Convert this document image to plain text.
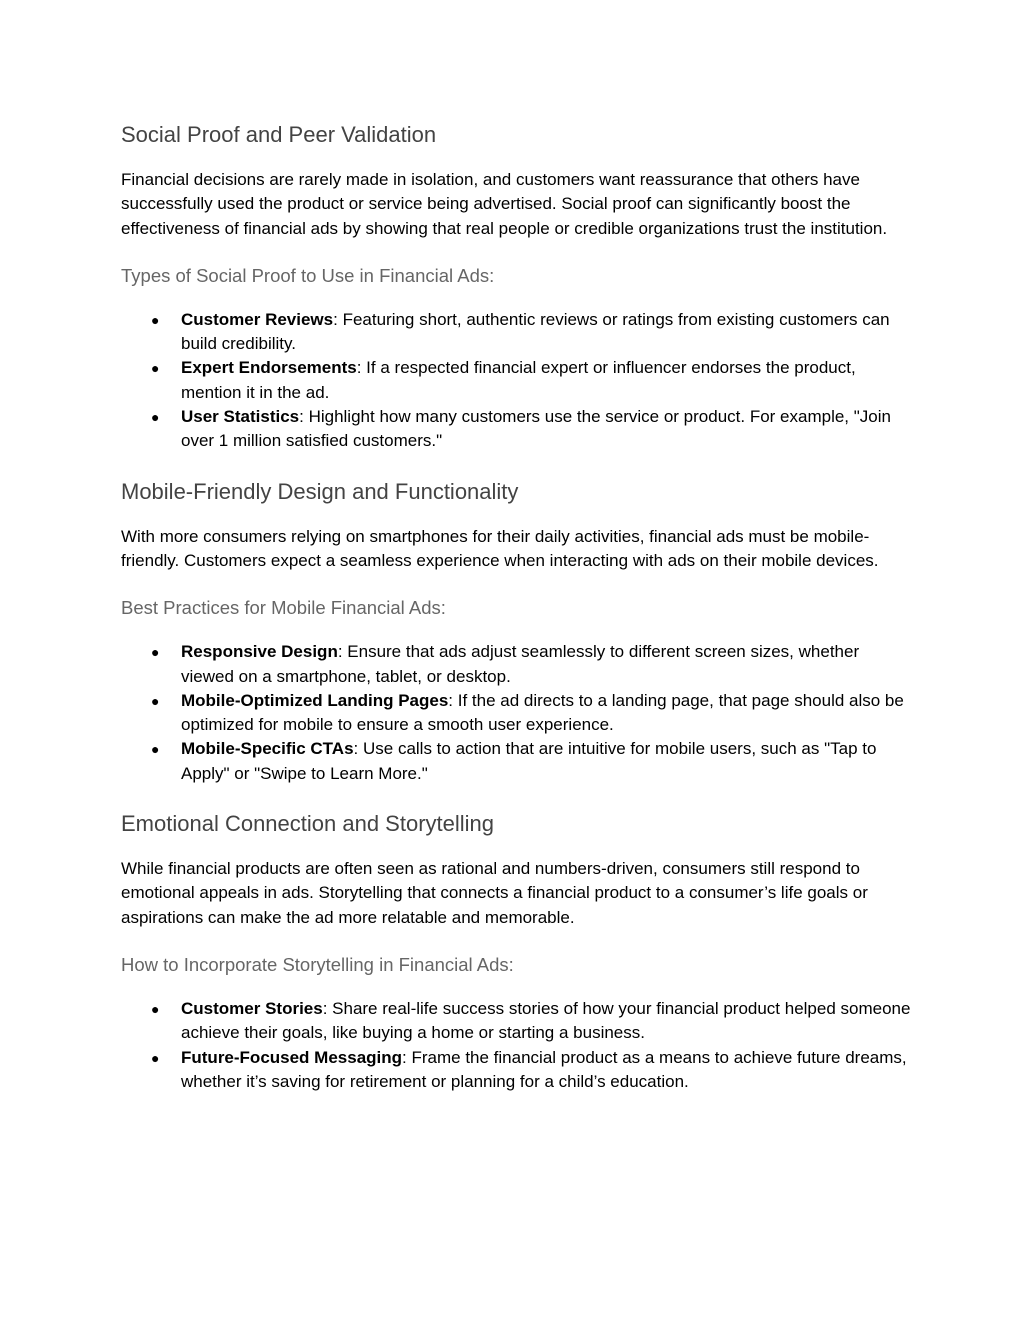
Social Proof and Peer Validation

Financial decisions are rarely made in isolation, and customers want reassurance that others have successfully used the product or service being advertised. Social proof can significantly boost the effectiveness of financial ads by showing that real people or credible organizations trust the institution.

Types of Social Proof to Use in Financial Ads:
● Customer Reviews: Featuring short, authentic reviews or ratings from existing customers can build credibility.
● Expert Endorsements: If a respected financial expert or influencer endorses the product, mention it in the ad.
● User Statistics: Highlight how many customers use the service or product. For example, "Join over 1 million satisfied customers."
Mobile-Friendly Design and Functionality

With more consumers relying on smartphones for their daily activities, financial ads must be mobile-friendly. Customers expect a seamless experience when interacting with ads on their mobile devices.

Best Practices for Mobile Financial Ads:
● Responsive Design: Ensure that ads adjust seamlessly to different screen sizes, whether viewed on a smartphone, tablet, or desktop.
● Mobile-Optimized Landing Pages: If the ad directs to a landing page, that page should also be optimized for mobile to ensure a smooth user experience.
● Mobile-Specific CTAs: Use calls to action that are intuitive for mobile users, such as "Tap to Apply" or "Swipe to Learn More."
Emotional Connection and Storytelling

While financial products are often seen as rational and numbers-driven, consumers still respond to emotional appeals in ads. Storytelling that connects a financial product to a consumer’s life goals or aspirations can make the ad more relatable and memorable.

How to Incorporate Storytelling in Financial Ads:
● Customer Stories: Share real-life success stories of how your financial product helped someone achieve their goals, like buying a home or starting a business.
● Future-Focused Messaging: Frame the financial product as a means to achieve future dreams, whether it’s saving for retirement or planning for a child’s education.
